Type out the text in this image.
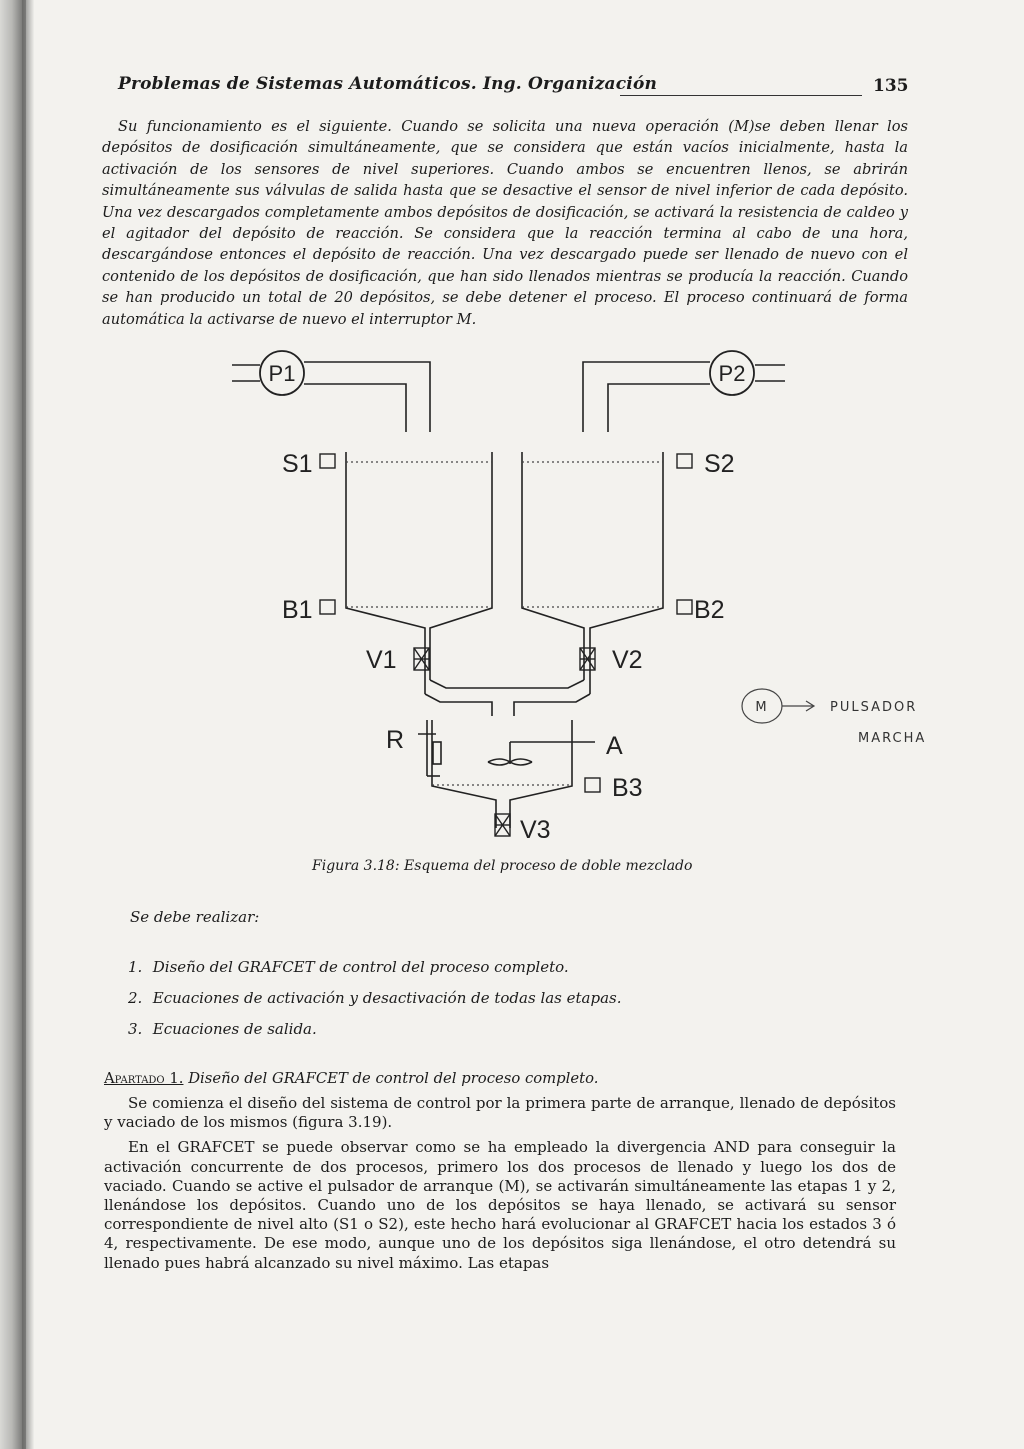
Problemas de Sistemas Automáticos. Ing. Organización	135

Su funcionamiento es el siguiente. Cuando se solicita una nueva operación (M)se deben llenar los depósitos de dosificación simultáneamente, que se considera que están vacíos inicialmente, hasta la activación de los sensores de nivel superiores. Cuando ambos se encuentren llenos, se abrirán simultáneamente sus válvulas de salida hasta que se desactive el sensor de nivel inferior de cada depósito. Una vez descargados completamente ambos depósitos de dosificación, se activará la resistencia de caldeo y el agitador del depósito de reacción. Se considera que la reacción termina al cabo de una hora, descargándose entonces el depósito de reacción. Una vez descargado puede ser llenado de nuevo con el contenido de los depósitos de dosificación, que han sido llenados mientras se producía la reacción. Cuando se han producido un total de 20 depósitos, se debe detener el proceso. El proceso continuará de forma automática la activarse de nuevo el interruptor M.

P1	P2
S1	S2
B1	B2
B3
V1	V2
V3
R	A
M	PULSADOR
MARCHA
Figura 3.18: Esquema del proceso de doble mezclado
Se debe realizar:
1. Diseño del GRAFCET de control del proceso completo.
2. Ecuaciones de activación y desactivación de todas las etapas.
3. Ecuaciones de salida.
Apartado 1. Diseño del GRAFCET de control del proceso completo.

Se comienza el diseño del sistema de control por la primera parte de arranque, llenado de depósitos y vaciado de los mismos (figura 3.19).

En el GRAFCET se puede observar como se ha empleado la divergencia AND para conseguir la activación concurrente de dos procesos, primero los dos procesos de llenado y luego los dos de vaciado. Cuando se active el pulsador de arranque (M), se activarán simultáneamente las etapas 1 y 2, llenándose los depósitos. Cuando uno de los depósitos se haya llenado, se activará su sensor correspondiente de nivel alto (S1 o S2), este hecho hará evolucionar al GRAFCET hacia los estados 3 ó 4, respectivamente. De ese modo, aunque uno de los depósitos siga llenándose, el otro detendrá su llenado pues habrá alcanzado su nivel máximo. Las etapas
